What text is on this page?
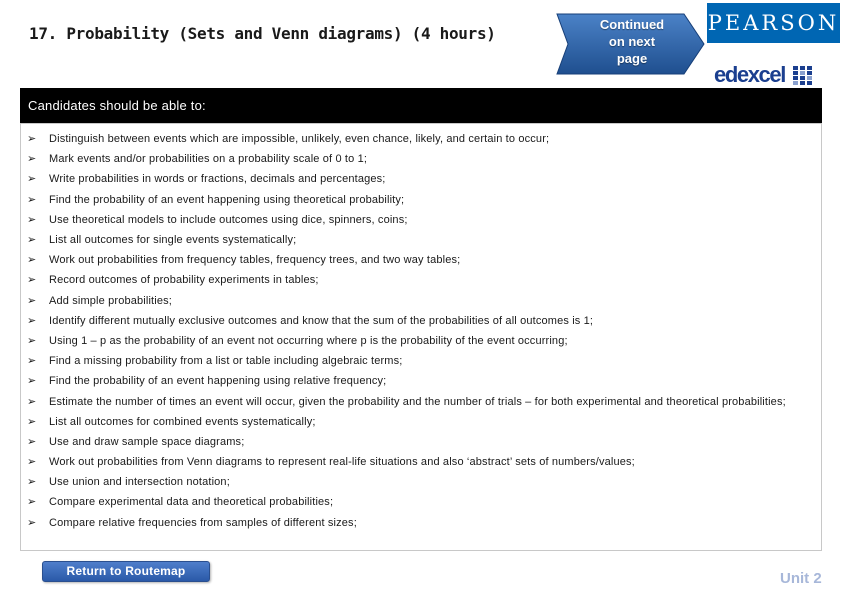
17. Probability (Sets and Venn diagrams) (4 hours)	Continued
on next
page
PEARSON
edexcel
Candidates should be able to:
➢ Distinguish between events which are impossible, unlikely, even chance, likely, and certain to occur;
➢ Mark events and/or probabilities on a probability scale of 0 to 1;
➢ Write probabilities in words or fractions, decimals and percentages;
➢ Find the probability of an event happening using theoretical probability;
➢ Use theoretical models to include outcomes using dice, spinners, coins;
➢ List all outcomes for single events systematically;
➢ Work out probabilities from frequency tables, frequency trees, and two way tables;
➢ Record outcomes of probability experiments in tables;
➢ Add simple probabilities;
➢ Identify different mutually exclusive outcomes and know that the sum of the probabilities of all outcomes is 1;
➢ Using 1 – p as the probability of an event not occurring where p is the probability of the event occurring;
➢ Find a missing probability from a list or table including algebraic terms;
➢ Find the probability of an event happening using relative frequency;
➢ Estimate the number of times an event will occur, given the probability and the number of trials – for both experimental and theoretical probabilities;
➢ List all outcomes for combined events systematically;
➢ Use and draw sample space diagrams;
➢ Work out probabilities from Venn diagrams to represent real-life situations and also ‘abstract’ sets of numbers/values;
➢ Use union and intersection notation;
➢ Compare experimental data and theoretical probabilities;
➢ Compare relative frequencies from samples of different sizes;
Return to Routemap	Unit 2
